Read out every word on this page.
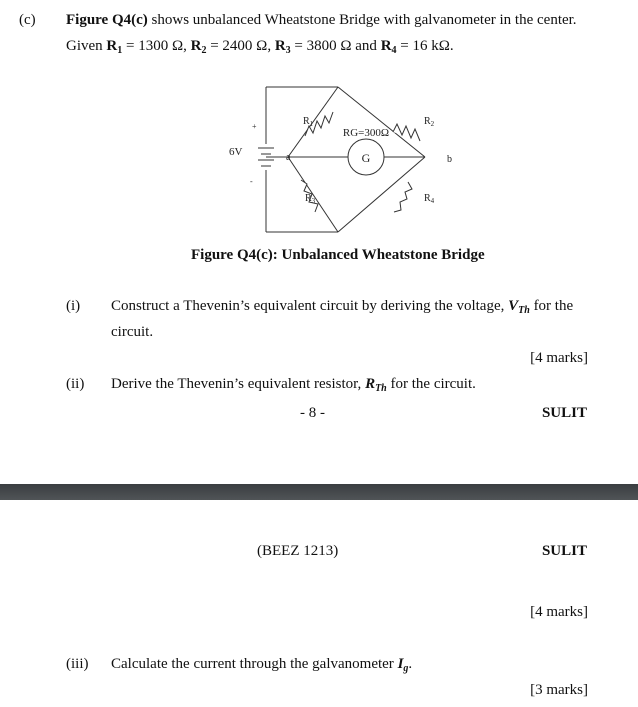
(c) Figure Q4(c) shows unbalanced Wheatstone Bridge with galvanometer in the center.
Given $R_1 = 1300$ Ω, $R_2 = 2400$ Ω, $R_3 = 3800$ Ω and $R_4 = 16$ kΩ.
G
RG=300Ω
+
-
6V	a	b
$R_1$	$R_2$
$R_3$	$R_4$
Figure Q4(c): Unbalanced Wheatstone Bridge
(i) Construct a Thevenin’s equivalent circuit by deriving the voltage, $V_{Th}$ for the
circuit.
[4 marks]
(ii) Derive the Thevenin’s equivalent resistor, $R_{Th}$ for the circuit.
- 8 -	SULIT
(BEEZ 1213)	SULIT
[4 marks]
(iii) Calculate the current through the galvanometer $I_g$.
[3 marks]
